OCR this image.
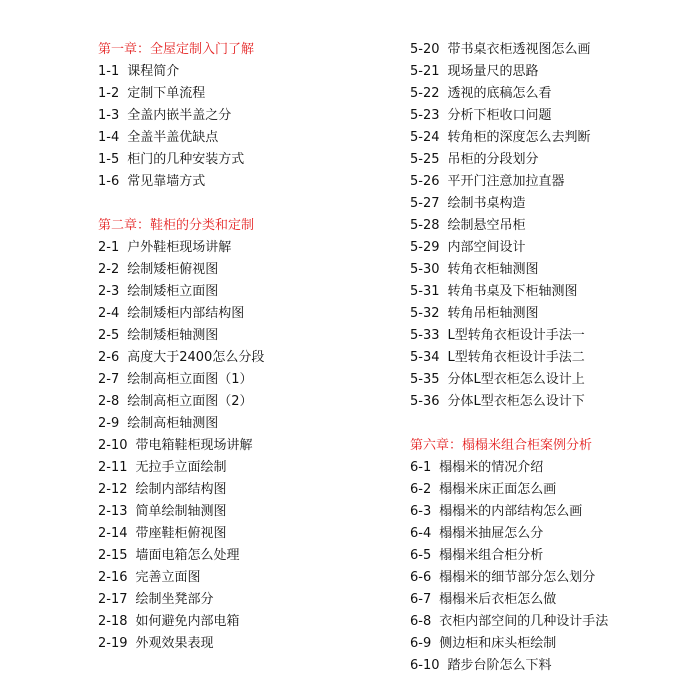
第一章：全屋定制入门了解
1-1 课程简介
1-2 定制下单流程
1-3 全盖内嵌半盖之分
1-4 全盖半盖优缺点
1-5 柜门的几种安装方式
1-6 常见靠墙方式
第二章：鞋柜的分类和定制
2-1 户外鞋柜现场讲解
2-2 绘制矮柜俯视图
2-3 绘制矮柜立面图
2-4 绘制矮柜内部结构图
2-5 绘制矮柜轴测图
2-6 高度大于2400怎么分段
2-7 绘制高柜立面图（1）
2-8 绘制高柜立面图（2）
2-9 绘制高柜轴测图
2-10 带电箱鞋柜现场讲解
2-11 无拉手立面绘制
2-12 绘制内部结构图
2-13 简单绘制轴测图
2-14 带座鞋柜俯视图
2-15 墙面电箱怎么处理
2-16 完善立面图
2-17 绘制坐凳部分
2-18 如何避免内部电箱
2-19 外观效果表现
5-20 带书桌衣柜透视图怎么画
5-21 现场量尺的思路
5-22 透视的底稿怎么看
5-23 分析下柜收口问题
5-24 转角柜的深度怎么去判断
5-25 吊柜的分段划分
5-26 平开门注意加拉直器
5-27 绘制书桌构造
5-28 绘制悬空吊柜
5-29 内部空间设计
5-30 转角衣柜轴测图
5-31 转角书桌及下柜轴测图
5-32 转角吊柜轴测图
5-33 L型转角衣柜设计手法一
5-34 L型转角衣柜设计手法二
5-35 分体L型衣柜怎么设计上
5-36 分体L型衣柜怎么设计下
第六章：榻榻米组合柜案例分析
6-1 榻榻米的情况介绍
6-2 榻榻米床正面怎么画
6-3 榻榻米的内部结构怎么画
6-4 榻榻米抽屉怎么分
6-5 榻榻米组合柜分析
6-6 榻榻米的细节部分怎么划分
6-7 榻榻米后衣柜怎么做
6-8 衣柜内部空间的几种设计手法
6-9 侧边柜和床头柜绘制
6-10 踏步台阶怎么下料
